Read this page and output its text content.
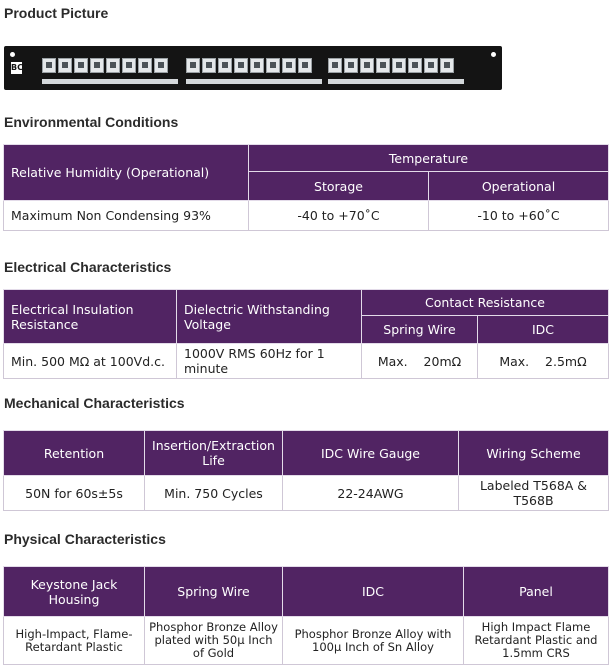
Product Picture
BC
Environmental Conditions
Relative Humidity (Operational)	Temperature	
	Storage	Operational
Maximum Non Condensing 93%	-40 to +70˚C	-10 to +60˚C
Electrical Characteristics
Electrical Insulation Resistance	Dielectric Withstanding Voltage	Contact Resistance	
		Spring Wire	IDC
Min. 500 MΩ at 100Vd.c.	1000V RMS 60Hz for 1 minute	Max.    20mΩ	Max.    2.5mΩ
Mechanical Characteristics
Retention	Insertion/Extraction Life	IDC Wire Gauge	Wiring Scheme
50N for 60s±5s	Min. 750 Cycles	22-24AWG	Labeled T568A & T568B
Physical Characteristics
Keystone Jack Housing	Spring Wire	IDC	Panel
High-Impact, Flame-Retardant Plastic	Phosphor Bronze Alloy plated with 50μ Inch of Gold	Phosphor Bronze Alloy with 100μ Inch of Sn Alloy	High Impact Flame Retardant Plastic and 1.5mm CRS
